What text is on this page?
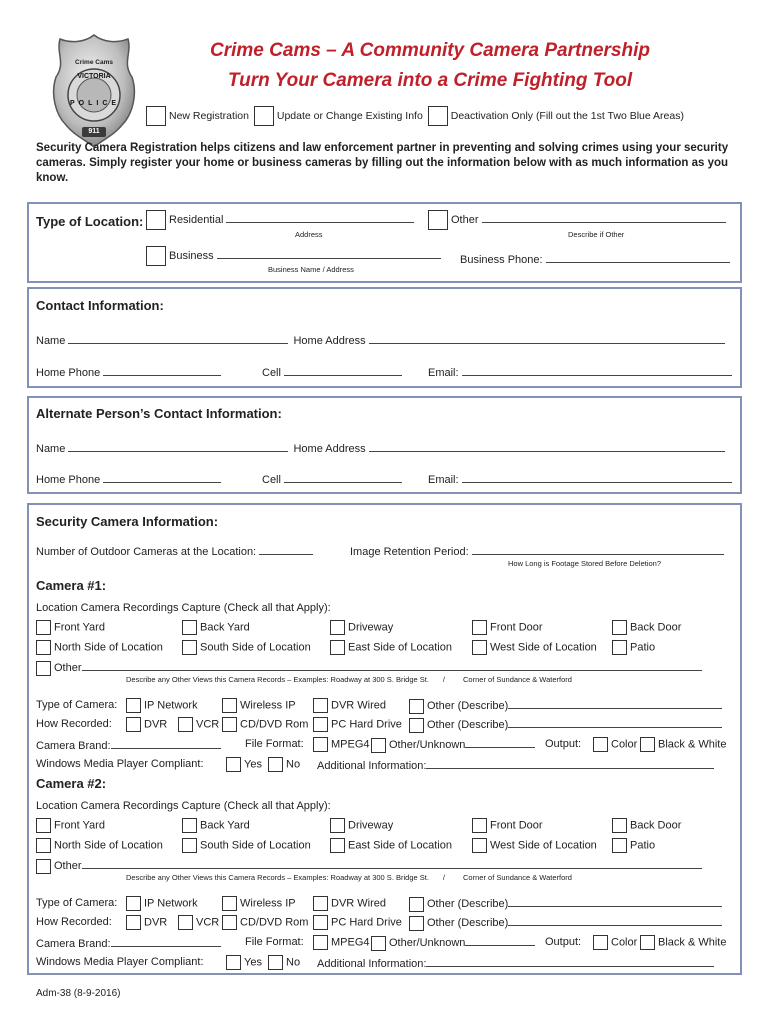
Crime Cams
VICTORIA
POLICE
911
Crime Cams – A Community Camera Partnership
Turn Your Camera into a Crime Fighting Tool
New Registration	Update or Change Existing Info	Deactivation Only (Fill out the 1st Two Blue Areas)
Security Camera Registration helps citizens and law enforcement partner in preventing and solving crimes using your security cameras. Simply register your home or business cameras by filling out the information below with as much information as you know.
Type of Location:	Residential
Address
Other
Describe if Other
Business
Business Name / Address
Business Phone:
Contact Information:
Name	Home Address
Home Phone	Cell	Email:
Alternate Person’s Contact Information:
Name	Home Address
Home Phone	Cell	Email:
Security Camera Information:
Number of Outdoor Cameras at the Location:	Image Retention Period:
How Long is Footage Stored Before Deletion?
Camera #1:
Location Camera Recordings Capture (Check all that Apply):
Front Yard	Back Yard	Driveway	Front Door	Back Door
North Side of Location	South Side of Location	East Side of Location	West Side of Location	Patio
Other
Describe any Other Views this Camera Records – Examples: Roadway at 300 S. Bridge St. / Corner of Sundance & Waterford
Type of Camera:	IP Network	Wireless IP	DVR Wired	Other (Describe)
How Recorded:	DVR	VCR	CD/DVD Rom	PC Hard Drive	Other (Describe)
Camera Brand:	File Format:	MPEG4	Other/Unknown	Output:	Color	Black & White
Windows Media Player Compliant:	Yes	No Additional Information:
Camera #2:
Location Camera Recordings Capture (Check all that Apply):
Front Yard	Back Yard	Driveway	Front Door	Back Door
North Side of Location	South Side of Location	East Side of Location	West Side of Location	Patio
Other
Describe any Other Views this Camera Records – Examples: Roadway at 300 S. Bridge St. / Corner of Sundance & Waterford
Type of Camera:	IP Network	Wireless IP	DVR Wired	Other (Describe)
How Recorded:	DVR	VCR	CD/DVD Rom	PC Hard Drive	Other (Describe)
Camera Brand:	File Format:	MPEG4	Other/Unknown	Output:	Color	Black & White
Windows Media Player Compliant:	Yes	No Additional Information:
Adm-38 (8-9-2016)
